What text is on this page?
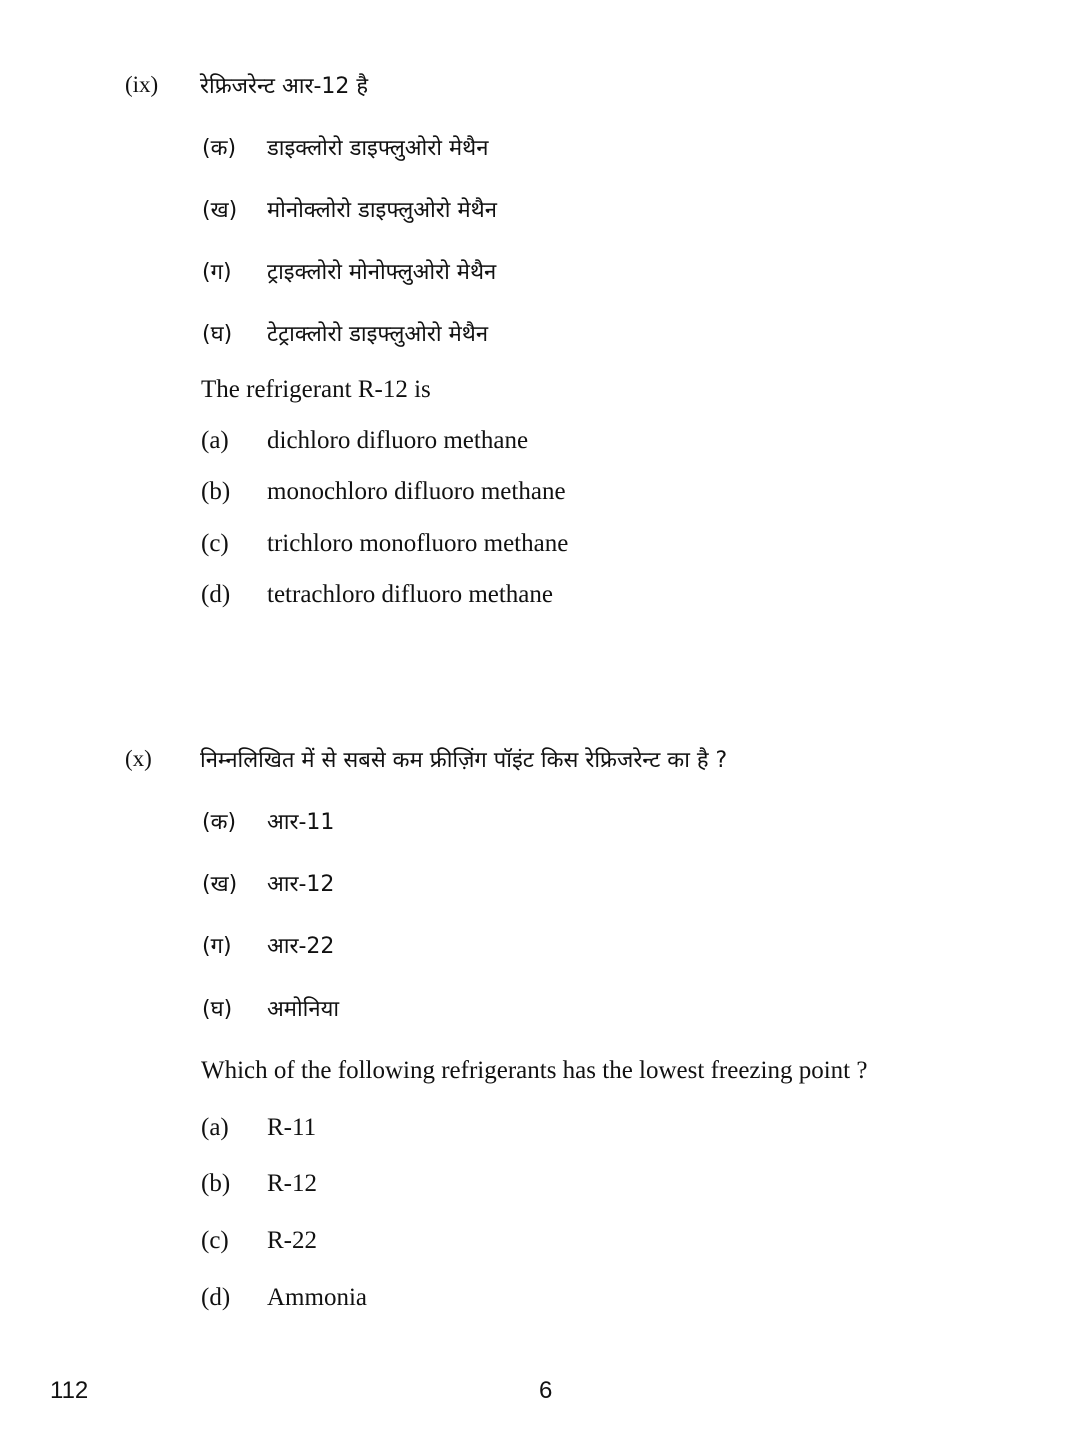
(ix) रेफ्रिजरेन्ट आर-12 है
(क) डाइक्लोरो डाइफ्लुओरो मेथैन
(ख) मोनोक्लोरो डाइफ्लुओरो मेथैन
(ग) ट्राइक्लोरो मोनोफ्लुओरो मेथैन
(घ) टेट्राक्लोरो डाइफ्लुओरो मेथैन
The refrigerant R-12 is
(a) dichloro difluoro methane
(b) monochloro difluoro methane
(c) trichloro monofluoro methane
(d) tetrachloro difluoro methane
(x) निम्नलिखित में से सबसे कम फ्रीज़िंग पॉइंट किस रेफ्रिजरेन्ट का है ?
(क) आर-11
(ख) आर-12
(ग) आर-22
(घ) अमोनिया
Which of the following refrigerants has the lowest freezing point ?
(a) R-11
(b) R-12
(c) R-22
(d) Ammonia
112	6
